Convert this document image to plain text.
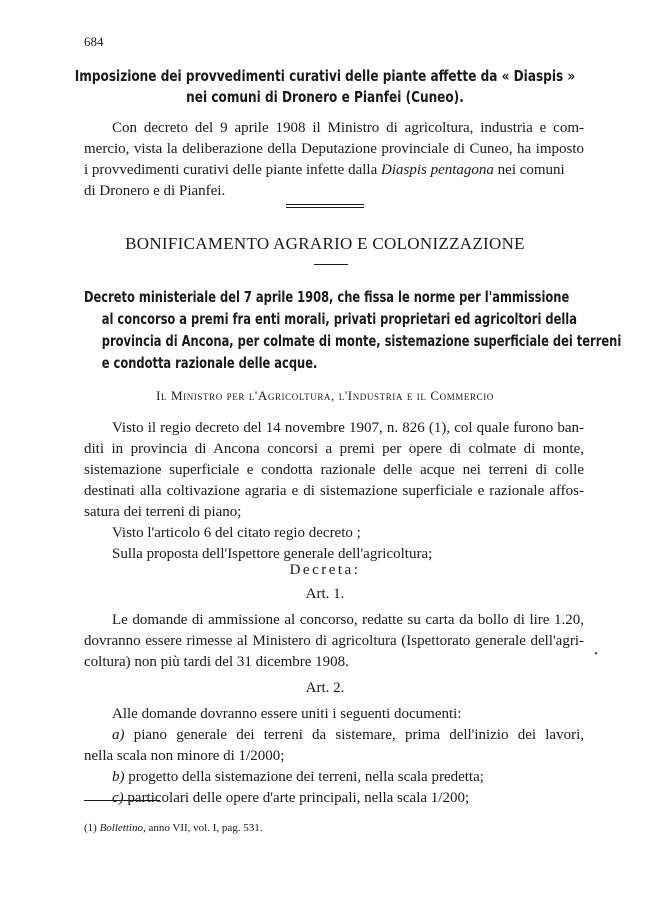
684
Imposizione dei provvedimenti curativi delle piante affette da « Diaspis »
nei comuni di Dronero e Pianfei (Cuneo).
Con decreto del 9 aprile 1908 il Ministro di agricoltura, industria e com-
mercio, vista la deliberazione della Deputazione provinciale di Cuneo, ha imposto
i provvedimenti curativi delle piante infette dalla Diaspis pentagona nei comuni
di Dronero e di Pianfei.
BONIFICAMENTO AGRARIO E COLONIZZAZIONE
Decreto ministeriale del 7 aprile 1908, che fissa le norme per l'ammissione
al concorso a premi fra enti morali, privati proprietari ed agricoltori della
provincia di Ancona, per colmate di monte, sistemazione superficiale dei terreni
e condotta razionale delle acque.
Il Ministro per l'Agricoltura, l'Industria e il Commercio
Visto il regio decreto del 14 novembre 1907, n. 826 (1), col quale furono ban-
diti in provincia di Ancona concorsi a premi per opere di colmate di monte,
sistemazione superficiale e condotta razionale delle acque nei terreni di colle
destinati alla coltivazione agraria e di sistemazione superficiale e razionale affos-
satura dei terreni di piano;
Visto l'articolo 6 del citato regio decreto ;
Sulla proposta dell'Ispettore generale dell'agricoltura;
Decreta:
Art. 1.
Le domande di ammissione al concorso, redatte su carta da bollo di lire 1.20,
dovranno essere rimesse al Ministero di agricoltura (Ispettorato generale dell'agri-
coltura) non più tardi del 31 dicembre 1908.
Art. 2.
Alle domande dovranno essere uniti i seguenti documenti:
a) piano generale dei terreni da sistemare, prima dell'inizio dei lavori,
nella scala non minore di 1/2000;
b) progetto della sistemazione dei terreni, nella scala predetta;
c) particolari delle opere d'arte principali, nella scala 1/200;
(1) Bollettino, anno VII, vol. I, pag. 531.
•
